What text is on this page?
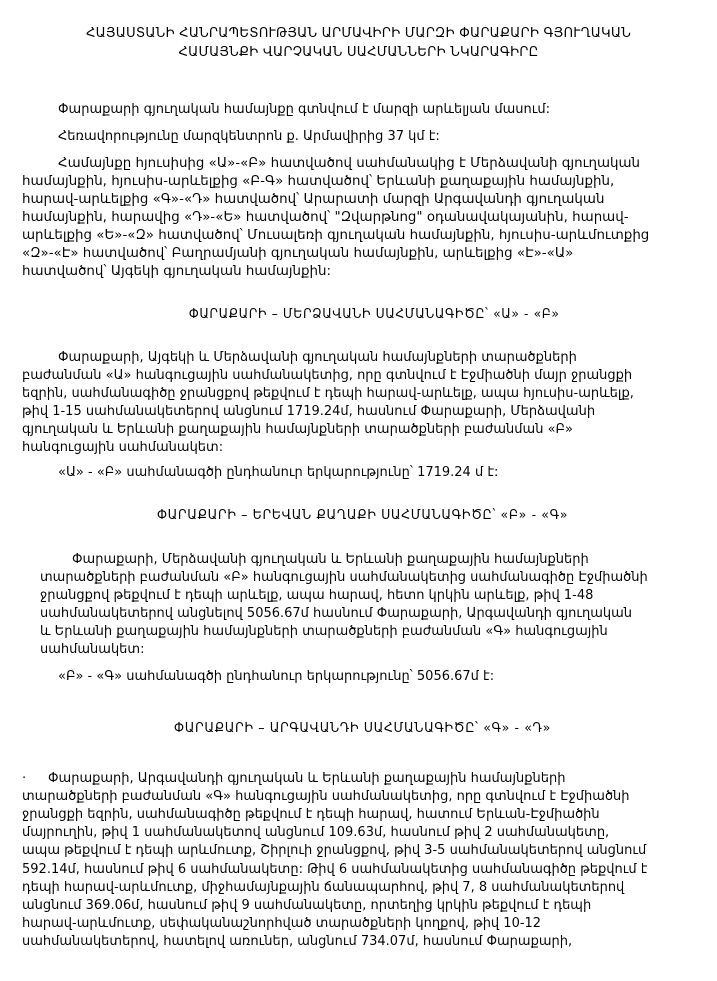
ՀԱՅԱՍՏԱՆԻ ՀԱՆՐԱՊԵՏՈՒԹՅԱՆ ԱՐՄԱՎԻՐԻ ՄԱՐԶԻ ՓԱՐԱՔԱՐԻ ԳՅՈՒՂԱԿԱՆ
ՀԱՄԱՅՆՔԻ ՎԱՐՉԱԿԱՆ ՍԱՀՄԱՆՆԵՐԻ ՆԿԱՐԱԳԻՐԸ
Փարաքարի գյուղական համայնքը գտնվում է մարզի արևելյան մասում:
Հեռավորությունը մարզկենտրոն ք. Արմավիրից 37 կմ է:
Համայնքը հյուսիսից «Ա»-«Բ» հատվածով սահմանակից է Մերձավանի գյուղական
համայնքին, հյուսիս-արևելքից «Բ-Գ» հատվածով՝ Երևանի քաղաքային համայնքին,
հարավ-արևելքից «Գ»-«Դ» հատվածով՝ Արարատի մարզի Արգավանդի գյուղական
համայնքին, հարավից «Դ»-«Ե» հատվածով՝ "Զվարթնոց" օդանավակայանին, հարավ-
արևելքից «Ե»-«Զ» հատվածով՝ Մուսալեռի գյուղական համայնքին, հյուսիս-արևմուտքից
«Զ»-«Է» հատվածով՝ Բաղրամյանի գյուղական համայնքին, արևելքից «Է»-«Ա»
հատվածով՝ Այգեկի գյուղական համայնքին:
ՓԱՐԱՔԱՐԻ – ՄԵՐՁԱՎԱՆԻ ՍԱՀՄԱՆԱԳԻԾԸ՝ «Ա» - «Բ»
Փարաքարի, Այգեկի և Մերձավանի գյուղական համայնքների տարածքների
բաժանման «Ա» հանգուցային սահմանակետից, որը գտնվում է Էջմիածնի մայր ջրանցքի
եզրին, սահմանագիծը ջրանցքով թեքվում է դեպի հարավ-արևելք, ապա հյուսիս-արևելք,
թիվ 1-15 սահմանակետերով անցնում 1719.24մ, հասնում Փարաքարի, Մերձավանի
գյուղական և Երևանի քաղաքային համայնքների տարածքների բաժանման «Բ»
հանգուցային սահմանակետ:
«Ա» - «Բ» սահմանագծի ընդհանուր երկարությունը՝ 1719.24 մ է:
ՓԱՐԱՔԱՐԻ – ԵՐԵՎԱՆ ՔԱՂԱՔԻ ՍԱՀՄԱՆԱԳԻԾԸ՝ «Բ» - «Գ»
Փարաքարի, Մերձավանի գյուղական և Երևանի քաղաքային համայնքների
տարածքների բաժանման «Բ» հանգուցային սահմանակետից սահմանագիծը Էջմիածնի
ջրանցքով թեքվում է դեպի արևելք, ապա հարավ, հետո կրկին արևելք, թիվ 1-48
սահմանակետերով անցնելով 5056.67մ հասնում Փարաքարի, Արգավանդի գյուղական
և Երևանի քաղաքային համայնքների տարածքների բաժանման «Գ» հանգուցային
սահմանակետ:
«Բ» - «Գ» սահմանագծի ընդհանուր երկարությունը՝ 5056.67մ է:
ՓԱՐԱՔԱՐԻ – ԱՐԳԱՎԱՆԴԻ ՍԱՀՄԱՆԱԳԻԾԸ՝ «Գ» - «Դ»
· Փարաքարի, Արգավանդի գյուղական և Երևանի քաղաքային համայնքների
տարածքների բաժանման «Գ» հանգուցային սահմանակետից, որը գտնվում է Էջմիածնի
ջրանցքի եզրին, սահմանագիծը թեքվում է դեպի հարավ, հատում Երևան-Էջմիածին
մայրուղին, թիվ 1 սահմանակետով անցնում 109.63մ, հասնում թիվ 2 սահմանակետը,
ապա թեքվում է դեպի արևմուտք, Շիրլուի ջրանցքով, թիվ 3-5 սահմանակետերով անցնում
592.14մ, հասնում թիվ 6 սահմանակետը: Թիվ 6 սահմանակետից սահմանագիծը թեքվում է
դեպի հարավ-արևմուտք, միջհամայնքային ճանապարհով, թիվ 7, 8 սահմանակետերով
անցնում 369.06մ, հասնում թիվ 9 սահմանակետը, որտեղից կրկին թեքվում է դեպի
հարավ-արևմուտք, սեփականաշնորհված տարածքների կողքով, թիվ 10-12
սահմանակետերով, հատելով առուներ, անցնում 734.07մ, հասնում Փարաքարի,
